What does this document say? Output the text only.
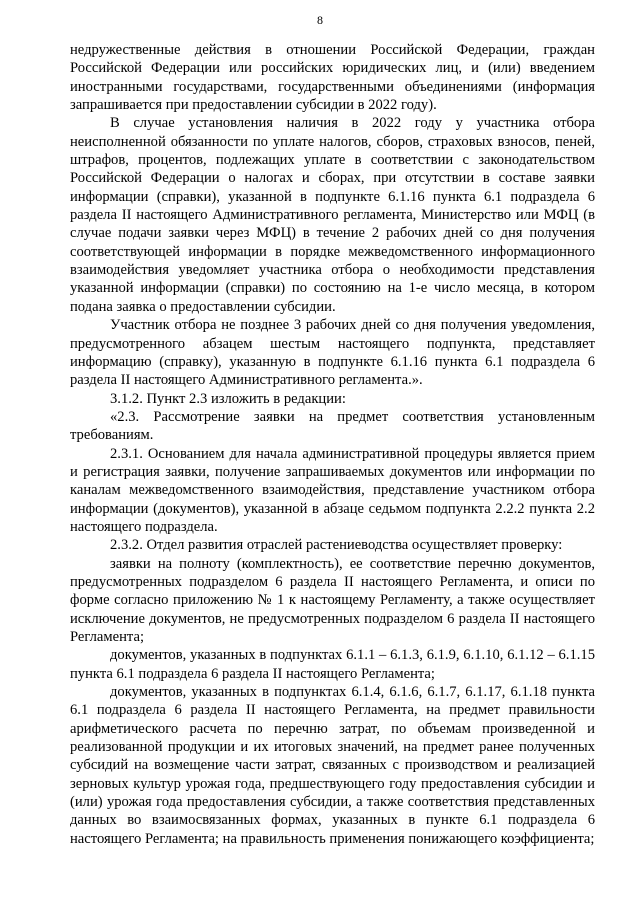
8

недружественные действия в отношении Российской Федерации, граждан Российской Федерации или российских юридических лиц, и (или) введением иностранными государствами, государственными объединениями (информация запрашивается при предоставлении субсидии в 2022 году).

В случае установления наличия в 2022 году у участника отбора неисполненной обязанности по уплате налогов, сборов, страховых взносов, пеней, штрафов, процентов, подлежащих уплате в соответствии с законодательством Российской Федерации о налогах и сборах, при отсутствии в составе заявки информации (справки), указанной в подпункте 6.1.16 пункта 6.1 подраздела 6 раздела II настоящего Административного регламента, Министерство или МФЦ (в случае подачи заявки через МФЦ) в течение 2 рабочих дней со дня получения соответствующей информации в порядке межведомственного информационного взаимодействия уведомляет участника отбора о необходимости представления указанной информации (справки) по состоянию на 1-е число месяца, в котором подана заявка о предоставлении субсидии.

Участник отбора не позднее 3 рабочих дней со дня получения уведомления, предусмотренного абзацем шестым настоящего подпункта, представляет информацию (справку), указанную в подпункте 6.1.16 пункта 6.1 подраздела 6 раздела II настоящего Административного регламента.».

3.1.2. Пункт 2.3 изложить в редакции:

«2.3. Рассмотрение заявки на предмет соответствия установленным требованиям.

2.3.1. Основанием для начала административной процедуры является прием и регистрация заявки, получение запрашиваемых документов или информации по каналам межведомственного взаимодействия, представление участником отбора информации (документов), указанной в абзаце седьмом подпункта 2.2.2 пункта 2.2 настоящего подраздела.

2.3.2. Отдел развития отраслей растениеводства осуществляет проверку:

заявки на полноту (комплектность), ее соответствие перечню документов, предусмотренных подразделом 6 раздела II настоящего Регламента, и описи по форме согласно приложению № 1 к настоящему Регламенту, а также осуществляет исключение документов, не предусмотренных подразделом 6 раздела II настоящего Регламента;

документов, указанных в подпунктах 6.1.1 – 6.1.3, 6.1.9, 6.1.10, 6.1.12 – 6.1.15 пункта 6.1 подраздела 6 раздела II настоящего Регламента;

документов, указанных в подпунктах 6.1.4, 6.1.6, 6.1.7, 6.1.17, 6.1.18 пункта 6.1 подраздела 6 раздела II настоящего Регламента, на предмет правильности арифметического расчета по перечню затрат, по объемам произведенной и реализованной продукции и их итоговых значений, на предмет ранее полученных субсидий на возмещение части затрат, связанных с производством и реализацией зерновых культур урожая года, предшествующего году предоставления субсидии и (или) урожая года предоставления субсидии, а также соответствия представленных данных во взаимосвязанных формах, указанных в пункте 6.1 подраздела 6 настоящего Регламента; на правильность применения понижающего коэффициента;
